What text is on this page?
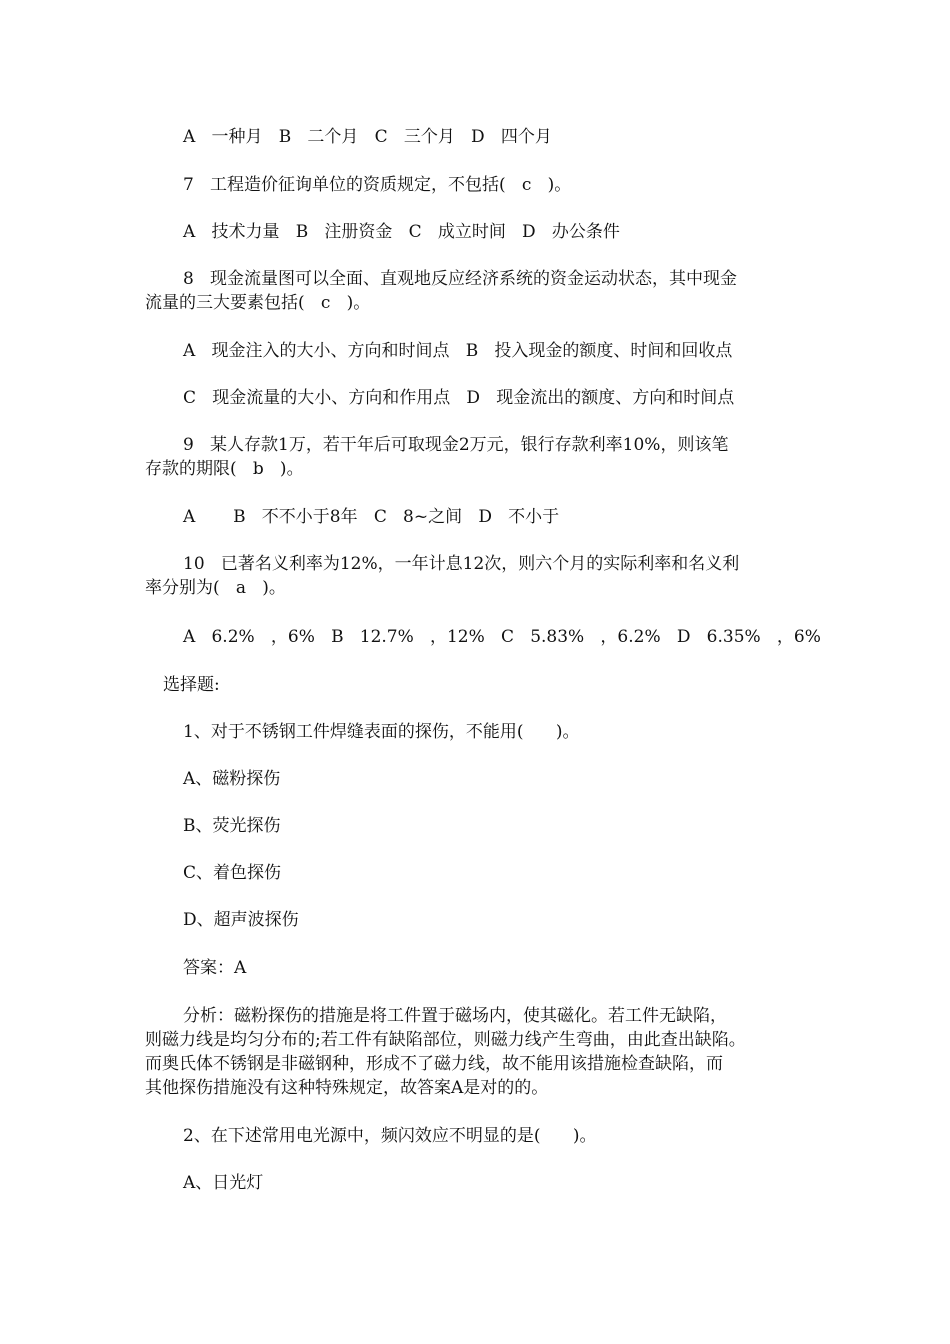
A   一种月   B   二个月   C   三个月   D   四个月
7   工程造价征询单位的资质规定，不包括(   c   )。
A   技术力量   B   注册资金   C   成立时间   D   办公条件
8   现金流量图可以全面、直观地反应经济系统的资金运动状态，其中现金
流量的三大要素包括(   c   )。
A   现金注入的大小、方向和时间点   B   投入现金的额度、时间和回收点
C   现金流量的大小、方向和作用点   D   现金流出的额度、方向和时间点
9   某人存款1万，若干年后可取现金2万元，银行存款利率10%，则该笔
存款的期限(   b   )。
A       B   不不小于8年   C   8~之间   D   不小于
10   已著名义利率为12%，一年计息12次，则六个月的实际利率和名义利
率分别为(   a   )。
A   6.2%   ，6%   B   12.7%   ，12%   C   5.83%   ，6.2%   D   6.35%   ，6%
选择题:
1、对于不锈钢工件焊缝表面的探伤，不能用(      )。
A、磁粉探伤
B、荧光探伤
C、着色探伤
D、超声波探伤
答案：A
分析：磁粉探伤的措施是将工件置于磁场内，使其磁化。若工件无缺陷，
则磁力线是均匀分布的;若工件有缺陷部位，则磁力线产生弯曲，由此查出缺陷。
而奥氏体不锈钢是非磁钢种，形成不了磁力线，故不能用该措施检查缺陷，而
其他探伤措施没有这种特殊规定，故答案A是对的的。
2、在下述常用电光源中，频闪效应不明显的是(      )。
A、日光灯
